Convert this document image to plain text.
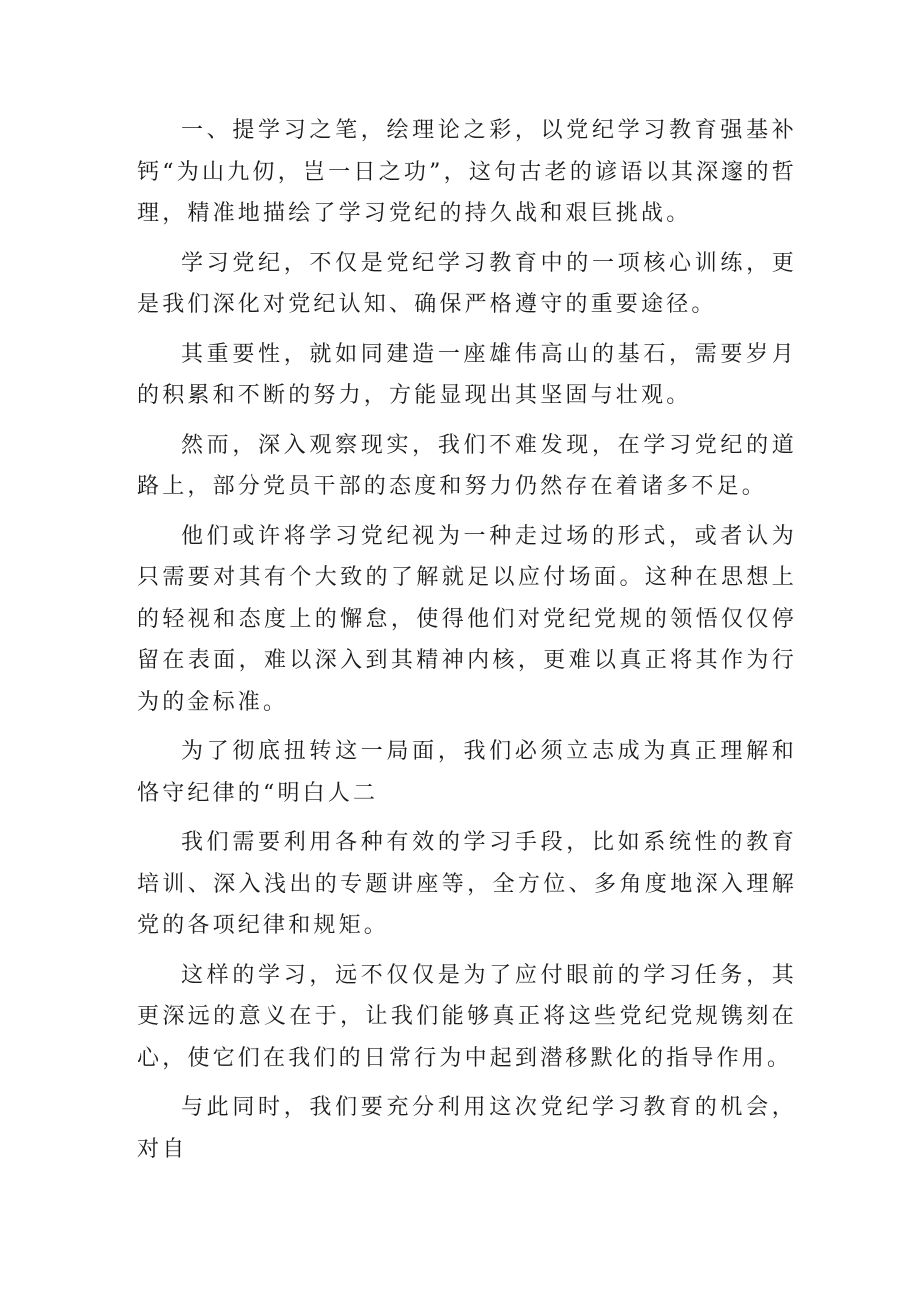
一、提学习之笔，绘理论之彩，以党纪学习教育强基补钙“为山九仞，岂一日之功”，这句古老的谚语以其深邃的哲理，精准地描绘了学习党纪的持久战和艰巨挑战。

学习党纪，不仅是党纪学习教育中的一项核心训练，更是我们深化对党纪认知、确保严格遵守的重要途径。

其重要性，就如同建造一座雄伟高山的基石，需要岁月的积累和不断的努力，方能显现出其坚固与壮观。

然而，深入观察现实，我们不难发现，在学习党纪的道路上，部分党员干部的态度和努力仍然存在着诸多不足。

他们或许将学习党纪视为一种走过场的形式，或者认为只需要对其有个大致的了解就足以应付场面。这种在思想上的轻视和态度上的懈怠，使得他们对党纪党规的领悟仅仅停留在表面，难以深入到其精神内核，更难以真正将其作为行为的金标准。

为了彻底扭转这一局面，我们必须立志成为真正理解和恪守纪律的“明白人二

我们需要利用各种有效的学习手段，比如系统性的教育培训、深入浅出的专题讲座等，全方位、多角度地深入理解党的各项纪律和规矩。

这样的学习，远不仅仅是为了应付眼前的学习任务，其更深远的意义在于，让我们能够真正将这些党纪党规镌刻在心，使它们在我们的日常行为中起到潜移默化的指导作用。

与此同时，我们要充分利用这次党纪学习教育的机会，对自
